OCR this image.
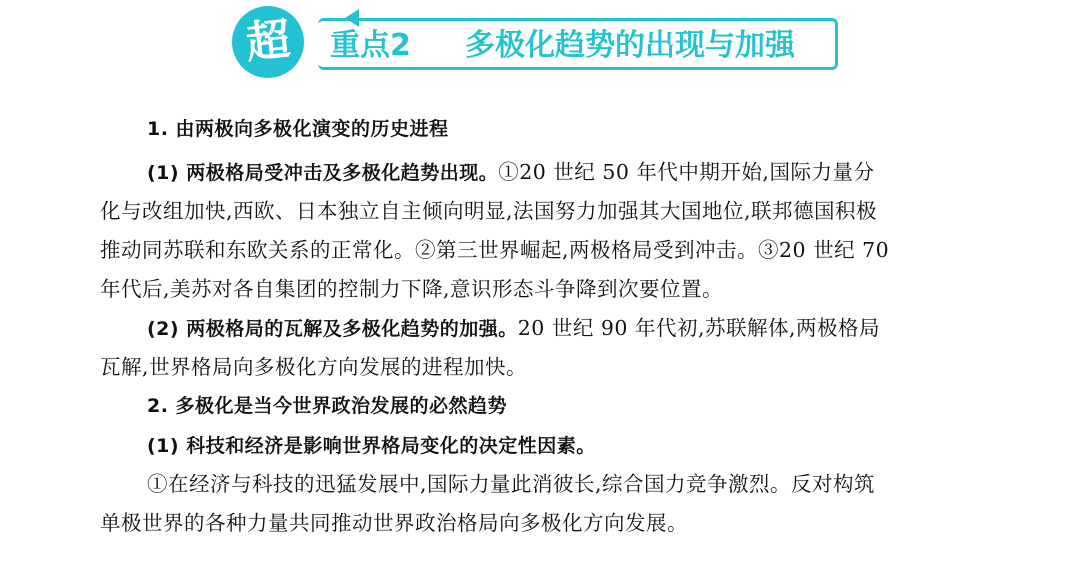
超 重点2 多极化趋势的出现与加强
1. 由两极向多极化演变的历史进程
(1) 两极格局受冲击及多极化趋势出现。①20 世纪 50 年代中期开始,国际力量分
化与改组加快,西欧、日本独立自主倾向明显,法国努力加强其大国地位,联邦德国积极
推动同苏联和东欧关系的正常化。②第三世界崛起,两极格局受到冲击。③20 世纪 70
年代后,美苏对各自集团的控制力下降,意识形态斗争降到次要位置。
(2) 两极格局的瓦解及多极化趋势的加强。20 世纪 90 年代初,苏联解体,两极格局
瓦解,世界格局向多极化方向发展的进程加快。
2. 多极化是当今世界政治发展的必然趋势
(1) 科技和经济是影响世界格局变化的决定性因素。
①在经济与科技的迅猛发展中,国际力量此消彼长,综合国力竞争激烈。反对构筑
单极世界的各种力量共同推动世界政治格局向多极化方向发展。
